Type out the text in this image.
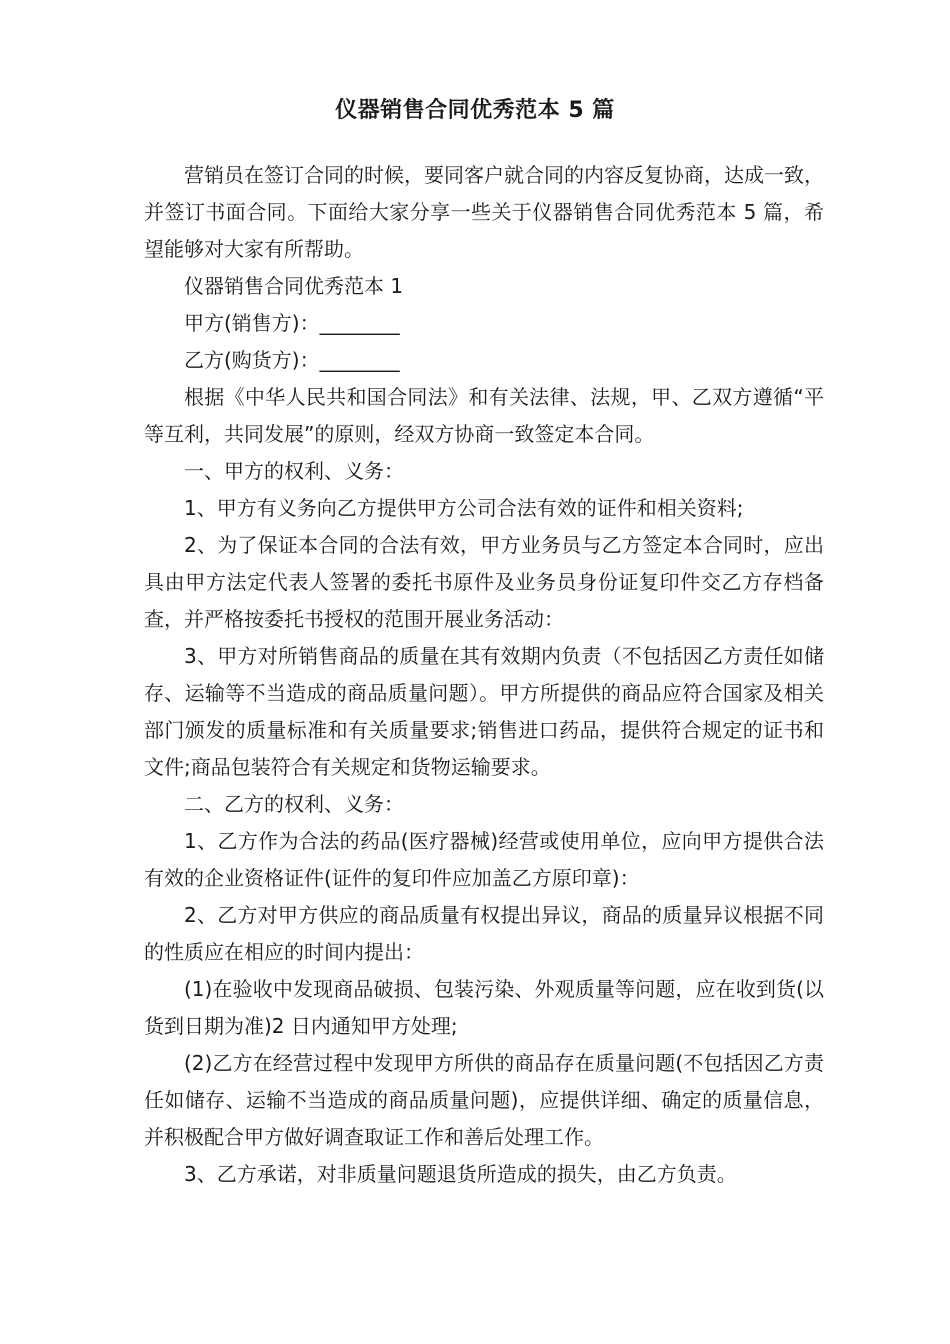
仪器销售合同优秀范本 5 篇

营销员在签订合同的时候，要同客户就合同的内容反复协商，达成一致，并签订书面合同。下面给大家分享一些关于仪器销售合同优秀范本 5 篇，希望能够对大家有所帮助。

仪器销售合同优秀范本 1

甲方(销售方)：________

乙方(购货方)：________

根据《中华人民共和国合同法》和有关法律、法规，甲、乙双方遵循“平等互利，共同发展”的原则，经双方协商一致签定本合同。

一、甲方的权利、义务：

1、甲方有义务向乙方提供甲方公司合法有效的证件和相关资料;

2、为了保证本合同的合法有效，甲方业务员与乙方签定本合同时，应出具由甲方法定代表人签署的委托书原件及业务员身份证复印件交乙方存档备查，并严格按委托书授权的范围开展业务活动：

3、甲方对所销售商品的质量在其有效期内负责（不包括因乙方责任如储存、运输等不当造成的商品质量问题）。甲方所提供的商品应符合国家及相关部门颁发的质量标准和有关质量要求;销售进口药品，提供符合规定的证书和文件;商品包装符合有关规定和货物运输要求。

二、乙方的权利、义务：

1、乙方作为合法的药品(医疗器械)经营或使用单位，应向甲方提供合法有效的企业资格证件(证件的复印件应加盖乙方原印章)：

2、乙方对甲方供应的商品质量有权提出异议，商品的质量异议根据不同的性质应在相应的时间内提出：

(1)在验收中发现商品破损、包装污染、外观质量等问题，应在收到货(以货到日期为准)2 日内通知甲方处理;

(2)乙方在经营过程中发现甲方所供的商品存在质量问题(不包括因乙方责任如储存、运输不当造成的商品质量问题)，应提供详细、确定的质量信息，并积极配合甲方做好调查取证工作和善后处理工作。

3、乙方承诺，对非质量问题退货所造成的损失，由乙方负责。
